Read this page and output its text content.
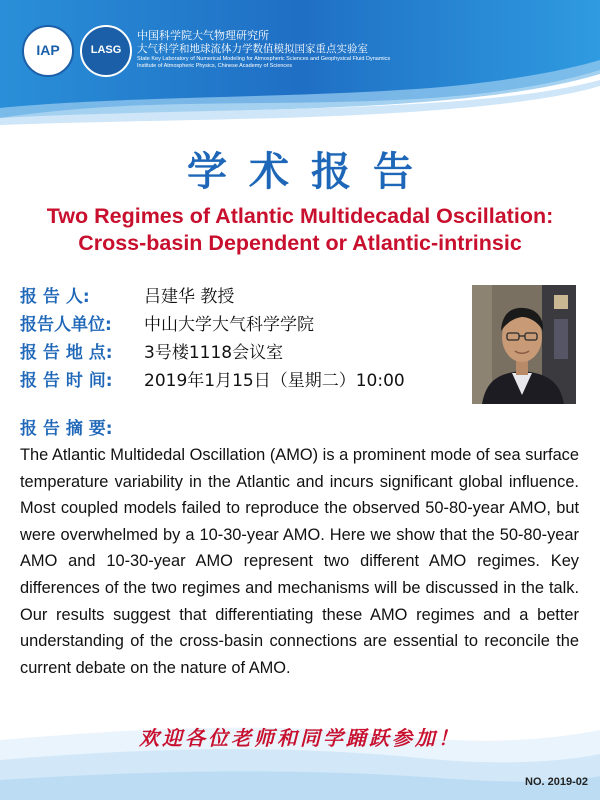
IAP	LASG
中国科学院大气物理研究所
大气科学和地球流体力学数值模拟国家重点实验室
State Key Laboratory of Numerical Modeling for Atmospheric Sciences and Geophysical Fluid Dynamics
Institute of Atmospheric Physics, Chinese Academy of Sciences
学术报告
Two Regimes of Atlantic Multidecadal Oscillation:
Cross-basin Dependent or Atlantic-intrinsic
报 告 人:	吕建华 教授
报告人单位: 中山大学大气科学学院
报 告 地 点: 3号楼1118会议室
报 告 时 间: 2019年1月15日（星期二）10:00
报 告 摘 要:

The Atlantic Multidedal Oscillation (AMO) is a prominent mode of sea surface temperature variability in the Atlantic and incurs significant global influence. Most coupled models failed to reproduce the observed 50-80-year AMO, but were overwhelmed by a 10-30-year AMO. Here we show that the 50-80-year AMO and 10-30-year AMO represent two different AMO regimes. Key differences of the two regimes and mechanisms will be discussed in the talk. Our results suggest that differentiating these AMO regimes and a better understanding of the cross-basin connections are essential to reconcile the current debate on the nature of AMO.

欢迎各位老师和同学踊跃参加！
NO. 2019-02
